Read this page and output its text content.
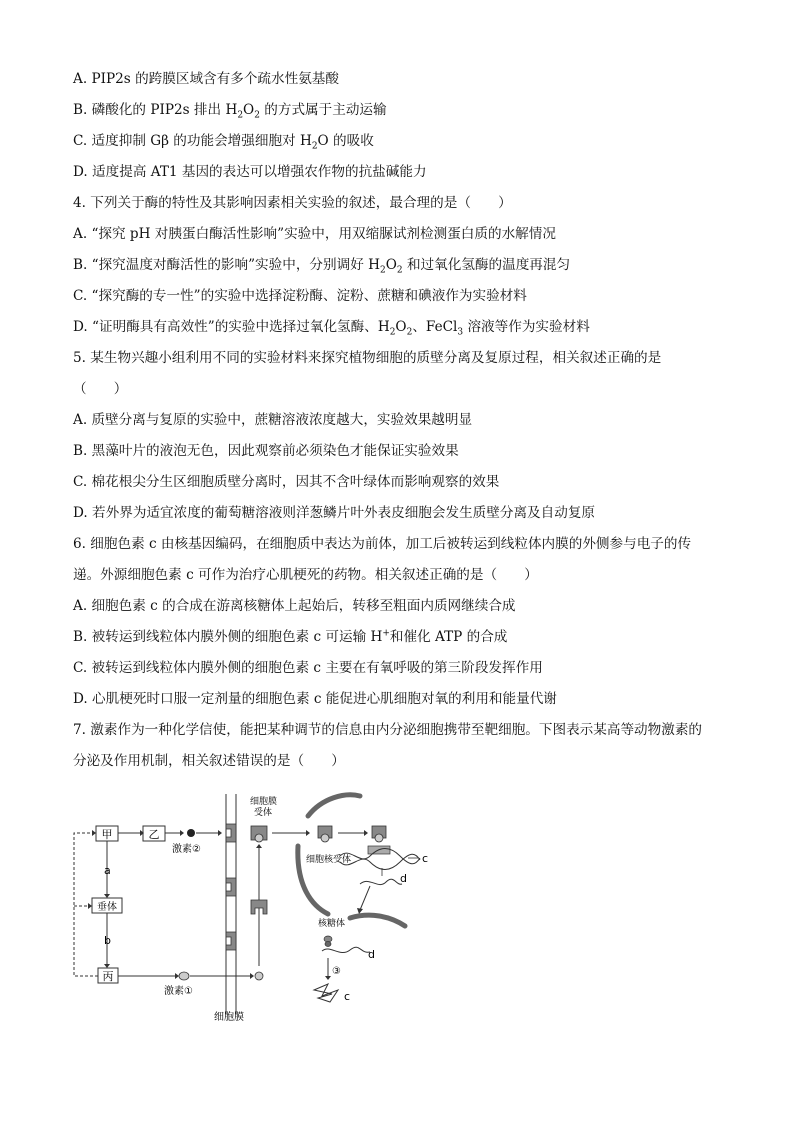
A. PIP2s 的跨膜区域含有多个疏水性氨基酸
B. 磷酸化的 PIP2s 排出 $H_2O_2$ 的方式属于主动运输
C. 适度抑制 Gβ 的功能会增强细胞对 $H_2O$ 的吸收
D. 适度提高 AT1 基因的表达可以增强农作物的抗盐碱能力
4. 下列关于酶的特性及其影响因素相关实验的叙述，最合理的是（　　）
A. “探究 pH 对胰蛋白酶活性影响”实验中，用双缩脲试剂检测蛋白质的水解情况
B. “探究温度对酶活性的影响”实验中，分别调好 $H_2O_2$ 和过氧化氢酶的温度再混匀
C. “探究酶的专一性”的实验中选择淀粉酶、淀粉、蔗糖和碘液作为实验材料
D. “证明酶具有高效性”的实验中选择过氧化氢酶、$H_2O_2$、FeCl$_3$ 溶液等作为实验材料
5. 某生物兴趣小组利用不同的实验材料来探究植物细胞的质壁分离及复原过程，相关叙述正确的是
（　　）
A. 质壁分离与复原的实验中，蔗糖溶液浓度越大，实验效果越明显
B. 黑藻叶片的液泡无色，因此观察前必须染色才能保证实验效果
C. 棉花根尖分生区细胞质壁分离时，因其不含叶绿体而影响观察的效果
D. 若外界为适宜浓度的葡萄糖溶液则洋葱鳞片叶外表皮细胞会发生质壁分离及自动复原
6. 细胞色素 c 由核基因编码，在细胞质中表达为前体，加工后被转运到线粒体内膜的外侧参与电子的传
递。外源细胞色素 c 可作为治疗心肌梗死的药物。相关叙述正确的是（　　）
A. 细胞色素 c 的合成在游离核糖体上起始后，转移至粗面内质网继续合成
B. 被转运到线粒体内膜外侧的细胞色素 c 可运输 H+和催化 ATP 的合成
C. 被转运到线粒体内膜外侧的细胞色素 c 主要在有氧呼吸的第三阶段发挥作用
D. 心肌梗死时口服一定剂量的细胞色素 c 能促进心肌细胞对氧的利用和能量代谢
7. 激素作为一种化学信使，能把某种调节的信息由内分泌细胞携带至靶细胞。下图表示某高等动物激素的
分泌及作用机制，相关叙述错误的是（　　）
甲	乙
激素②
a
垂体
b
丙
激素①
细胞膜
细胞膜
受体
细胞核受体	c
d
核糖体
d
③
c
